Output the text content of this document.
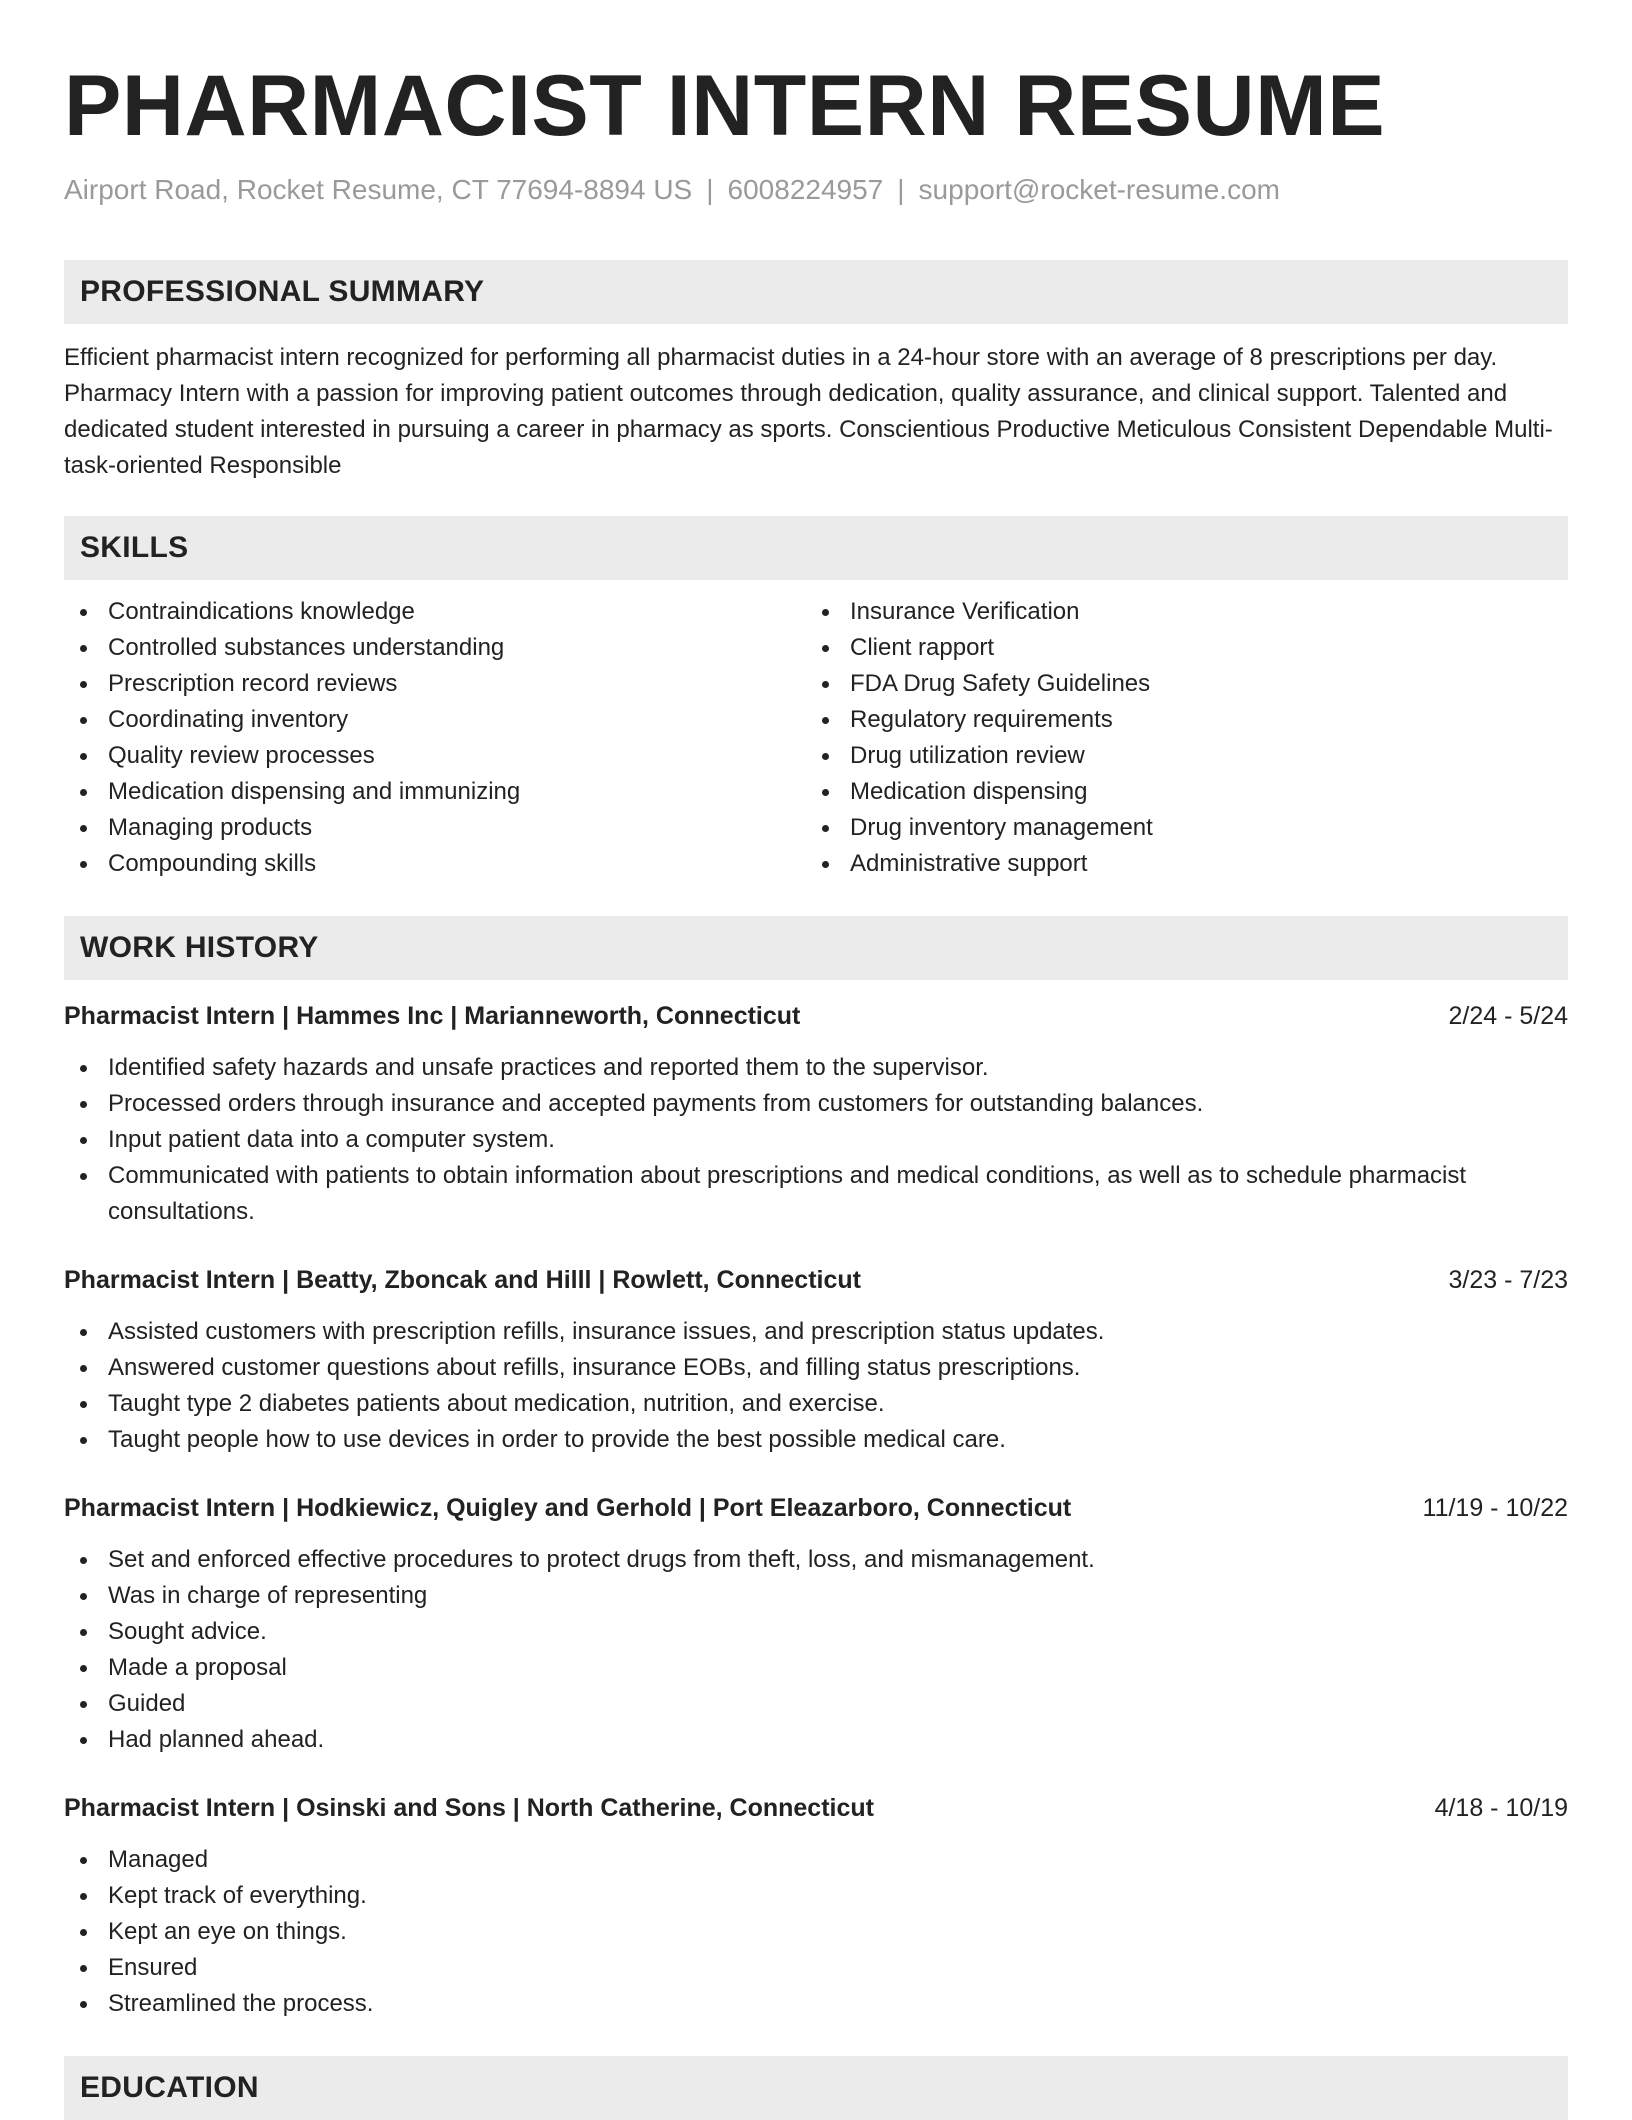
PHARMACIST INTERN RESUME
Airport Road, Rocket Resume, CT 77694-8894 US | 6008224957 | support@rocket-resume.com
PROFESSIONAL SUMMARY
Efficient pharmacist intern recognized for performing all pharmacist duties in a 24-hour store with an average of 8 prescriptions per day. Pharmacy Intern with a passion for improving patient outcomes through dedication, quality assurance, and clinical support. Talented and dedicated student interested in pursuing a career in pharmacy as sports. Conscientious Productive Meticulous Consistent Dependable Multi-task-oriented Responsible
SKILLS
Contraindications knowledge
Controlled substances understanding
Prescription record reviews
Coordinating inventory
Quality review processes
Medication dispensing and immunizing
Managing products
Compounding skills
Insurance Verification
Client rapport
FDA Drug Safety Guidelines
Regulatory requirements
Drug utilization review
Medication dispensing
Drug inventory management
Administrative support
WORK HISTORY
Pharmacist Intern | Hammes Inc | Marianneworth, Connecticut	2/24 - 5/24
Identified safety hazards and unsafe practices and reported them to the supervisor.
Processed orders through insurance and accepted payments from customers for outstanding balances.
Input patient data into a computer system.
Communicated with patients to obtain information about prescriptions and medical conditions, as well as to schedule pharmacist consultations.
Pharmacist Intern | Beatty, Zboncak and Hilll | Rowlett, Connecticut	3/23 - 7/23
Assisted customers with prescription refills, insurance issues, and prescription status updates.
Answered customer questions about refills, insurance EOBs, and filling status prescriptions.
Taught type 2 diabetes patients about medication, nutrition, and exercise.
Taught people how to use devices in order to provide the best possible medical care.
Pharmacist Intern | Hodkiewicz, Quigley and Gerhold | Port Eleazarboro, Connecticut	11/19 - 10/22
Set and enforced effective procedures to protect drugs from theft, loss, and mismanagement.
Was in charge of representing
Sought advice.
Made a proposal
Guided
Had planned ahead.
Pharmacist Intern | Osinski and Sons | North Catherine, Connecticut	4/18 - 10/19
Managed
Kept track of everything.
Kept an eye on things.
Ensured
Streamlined the process.
EDUCATION
